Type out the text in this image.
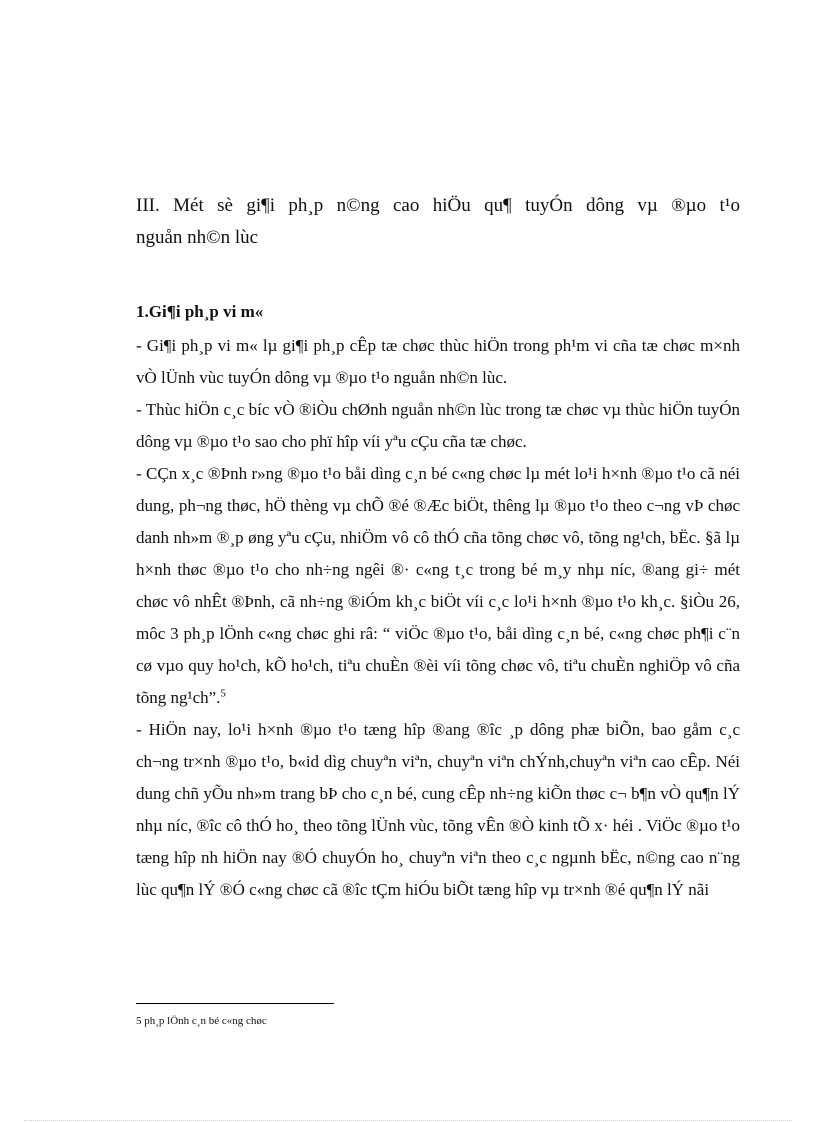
III. Mét sè gi¶i ph¸p n©ng cao hiÖu qu¶ tuyÓn dông vµ ®µo t¹o
nguån nh©n lùc
1.Gi¶i ph¸p vi m«

- Gi¶i ph¸p vi m« lµ gi¶i ph¸p cÊp tæ chøc thùc hiÖn trong ph¹m vi cña tæ chøc m×nh vÒ lÜnh vùc tuyÓn dông vµ ®µo t¹o nguån nh©n lùc.

- Thùc hiÖn c¸c bíc vÒ ®iÒu chØnh nguån nh©n lùc trong tæ chøc vµ thùc hiÖn tuyÓn dông vµ ®µo t¹o sao cho phï hîp víi yªu cÇu cña tæ chøc.

- CÇn x¸c ®Þnh r»ng ®µo t¹o båi dìng c¸n bé c«ng chøc lµ mét lo¹i h×nh ®µo t¹o cã néi dung, ph¬ng thøc, hÖ thèng vµ chÕ ®é ®Æc biÖt, thêng lµ ®µo t¹o theo c¬ng vÞ chøc danh nh»m ®¸p øng yªu cÇu, nhiÖm vô cô thÓ cña tõng chøc vô, tõng ng¹ch, bËc. §ã lµ h×nh thøc ®µo t¹o cho nh÷ng ngêi ®· c«ng t¸c trong bé m¸y nhµ níc, ®ang gi÷ mét chøc vô nhÊt ®Þnh, cã nh÷ng ®iÓm kh¸c biÖt víi c¸c lo¹i h×nh ®µo t¹o kh¸c. §iÒu 26, môc 3 ph¸p lÖnh c«ng chøc ghi râ: “ viÖc ®µo t¹o, båi dìng c¸n bé, c«ng chøc ph¶i c¨n cø vµo quy ho¹ch, kÕ ho¹ch, tiªu chuÈn ®èi víi tõng chøc vô, tiªu chuÈn nghiÖp vô cña tõng ng¹ch”.$^5$

- HiÖn nay, lo¹i h×nh ®µo t¹o tæng hîp ®ang ®îc ¸p dông phæ biÕn, bao gåm c¸c ch¬ng tr×nh ®µo t¹o, b«id dìg chuyªn viªn, chuyªn viªn chÝnh,chuyªn viªn cao cÊp. Néi dung chñ yÕu nh»m trang bÞ cho c¸n bé, cung cÊp nh÷ng kiÕn thøc c¬ b¶n vÒ qu¶n lÝ nhµ níc, ®îc cô thÓ ho¸ theo tõng lÜnh vùc, tõng vÊn ®Ò kinh tÕ x· héi . ViÖc ®µo t¹o tæng hîp nh hiÖn nay ®Ó chuyÓn ho¸ chuyªn viªn theo c¸c ngµnh bËc, n©ng cao n¨ng lùc qu¶n lÝ ®Ó c«ng chøc cã ®îc tÇm hiÓu biÕt tæng hîp vµ tr×nh ®é qu¶n lÝ nãi

5 ph¸p lÖnh c¸n bé c«ng chøc
